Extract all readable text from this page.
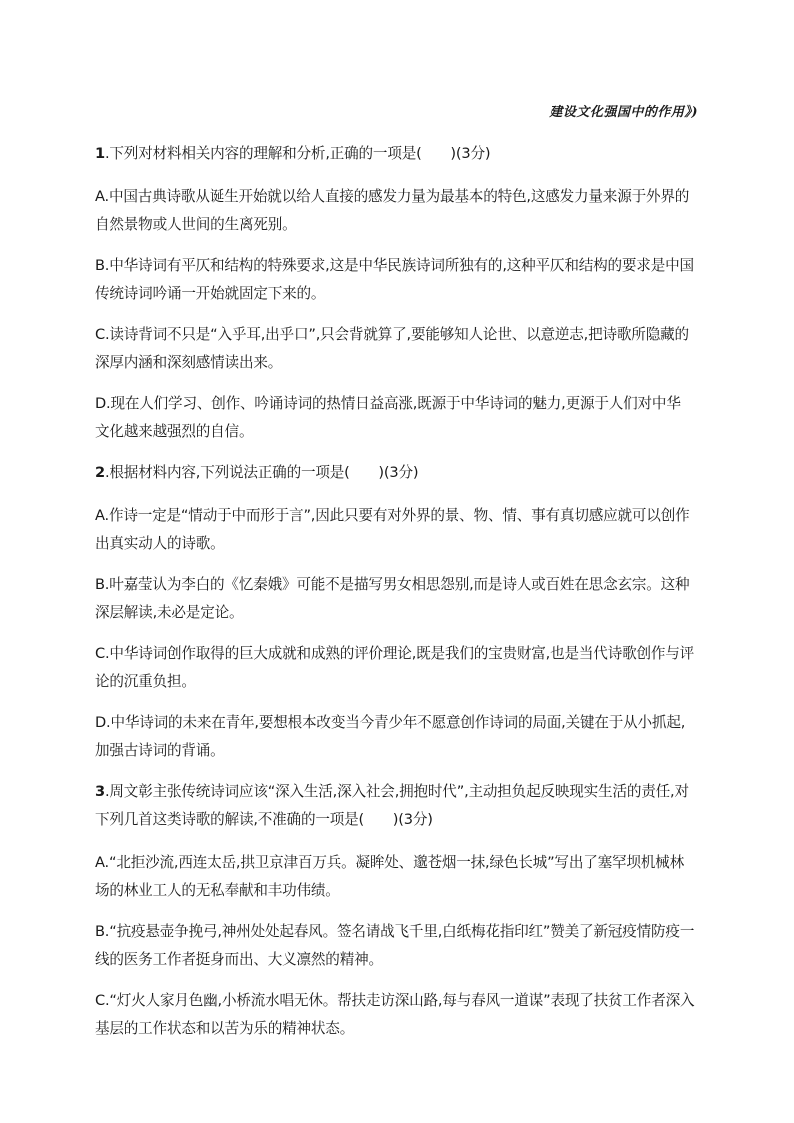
建设文化强国中的作用》)
1.下列对材料相关内容的理解和分析,正确的一项是(　　)(3分)
A.中国古典诗歌从诞生开始就以给人直接的感发力量为最基本的特色,这感发力量来源于外界的自然景物或人世间的生离死别。
B.中华诗词有平仄和结构的特殊要求,这是中华民族诗词所独有的,这种平仄和结构的要求是中国传统诗词吟诵一开始就固定下来的。
C.读诗背词不只是“入乎耳,出乎口”,只会背就算了,要能够知人论世、以意逆志,把诗歌所隐藏的深厚内涵和深刻感情读出来。
D.现在人们学习、创作、吟诵诗词的热情日益高涨,既源于中华诗词的魅力,更源于人们对中华文化越来越强烈的自信。
2.根据材料内容,下列说法正确的一项是(　　)(3分)
A.作诗一定是“情动于中而形于言”,因此只要有对外界的景、物、情、事有真切感应就可以创作出真实动人的诗歌。
B.叶嘉莹认为李白的《忆秦娥》可能不是描写男女相思怨别,而是诗人或百姓在思念玄宗。这种深层解读,未必是定论。
C.中华诗词创作取得的巨大成就和成熟的评价理论,既是我们的宝贵财富,也是当代诗歌创作与评论的沉重负担。
D.中华诗词的未来在青年,要想根本改变当今青少年不愿意创作诗词的局面,关键在于从小抓起,加强古诗词的背诵。
3.周文彰主张传统诗词应该“深入生活,深入社会,拥抱时代”,主动担负起反映现实生活的责任,对下列几首这类诗歌的解读,不准确的一项是(　　)(3分)
A.“北拒沙流,西连太岳,拱卫京津百万兵。凝眸处、邈苍烟一抹,绿色长城”写出了塞罕坝机械林场的林业工人的无私奉献和丰功伟绩。
B.“抗疫悬壶争挽弓,神州处处起春风。签名请战飞千里,白纸梅花指印红”赞美了新冠疫情防疫一线的医务工作者挺身而出、大义凛然的精神。
C.“灯火人家月色幽,小桥流水唱无休。帮扶走访深山路,每与春风一道谋”表现了扶贫工作者深入基层的工作状态和以苦为乐的精神状态。
